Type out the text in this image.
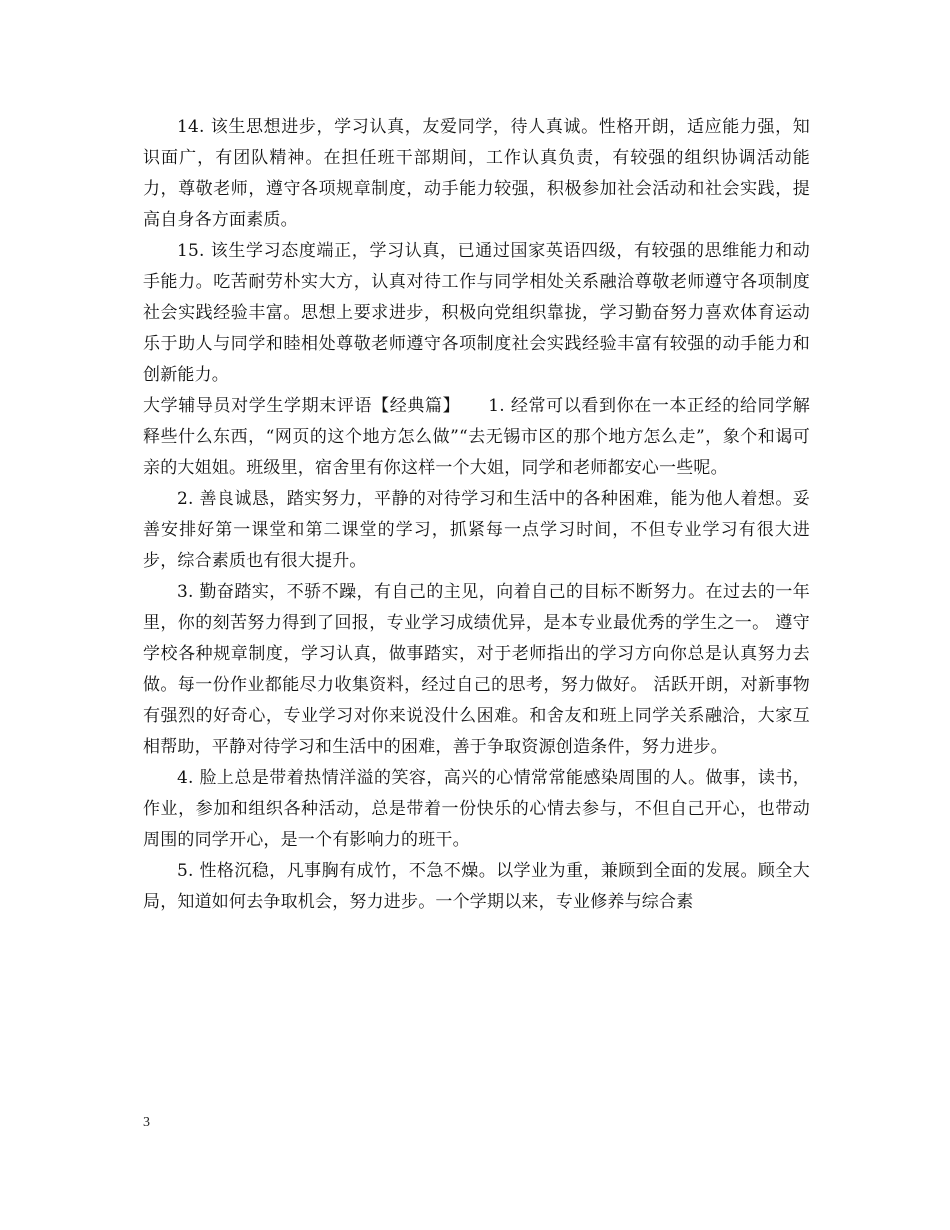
14. 该生思想进步，学习认真，友爱同学，待人真诚。性格开朗，适应能力强，知识面广，有团队精神。在担任班干部期间，工作认真负责，有较强的组织协调活动能力，尊敬老师，遵守各项规章制度，动手能力较强，积极参加社会活动和社会实践，提高自身各方面素质。

15. 该生学习态度端正，学习认真，已通过国家英语四级，有较强的思维能力和动手能力。吃苦耐劳朴实大方，认真对待工作与同学相处关系融洽尊敬老师遵守各项制度社会实践经验丰富。思想上要求进步，积极向党组织靠拢，学习勤奋努力喜欢体育运动乐于助人与同学和睦相处尊敬老师遵守各项制度社会实践经验丰富有较强的动手能力和创新能力。

大学辅导员对学生学期末评语【经典篇】 1. 经常可以看到你在一本正经的给同学解释些什么东西，“网页的这个地方怎么做”“去无锡市区的那个地方怎么走”，象个和谒可亲的大姐姐。班级里，宿舍里有你这样一个大姐，同学和老师都安心一些呢。

2. 善良诚恳，踏实努力，平静的对待学习和生活中的各种困难，能为他人着想。妥善安排好第一课堂和第二课堂的学习，抓紧每一点学习时间，不但专业学习有很大进步，综合素质也有很大提升。

3. 勤奋踏实，不骄不躁，有自己的主见，向着自己的目标不断努力。在过去的一年里，你的刻苦努力得到了回报，专业学习成绩优异，是本专业最优秀的学生之一。 遵守学校各种规章制度，学习认真，做事踏实，对于老师指出的学习方向你总是认真努力去做。每一份作业都能尽力收集资料，经过自己的思考，努力做好。 活跃开朗，对新事物有强烈的好奇心，专业学习对你来说没什么困难。和舍友和班上同学关系融洽，大家互相帮助，平静对待学习和生活中的困难，善于争取资源创造条件，努力进步。

4. 脸上总是带着热情洋溢的笑容，高兴的心情常常能感染周围的人。做事，读书，作业，参加和组织各种活动，总是带着一份快乐的心情去参与，不但自己开心，也带动周围的同学开心，是一个有影响力的班干。

5. 性格沉稳，凡事胸有成竹，不急不燥。以学业为重，兼顾到全面的发展。顾全大局，知道如何去争取机会，努力进步。一个学期以来，专业修养与综合素

3
